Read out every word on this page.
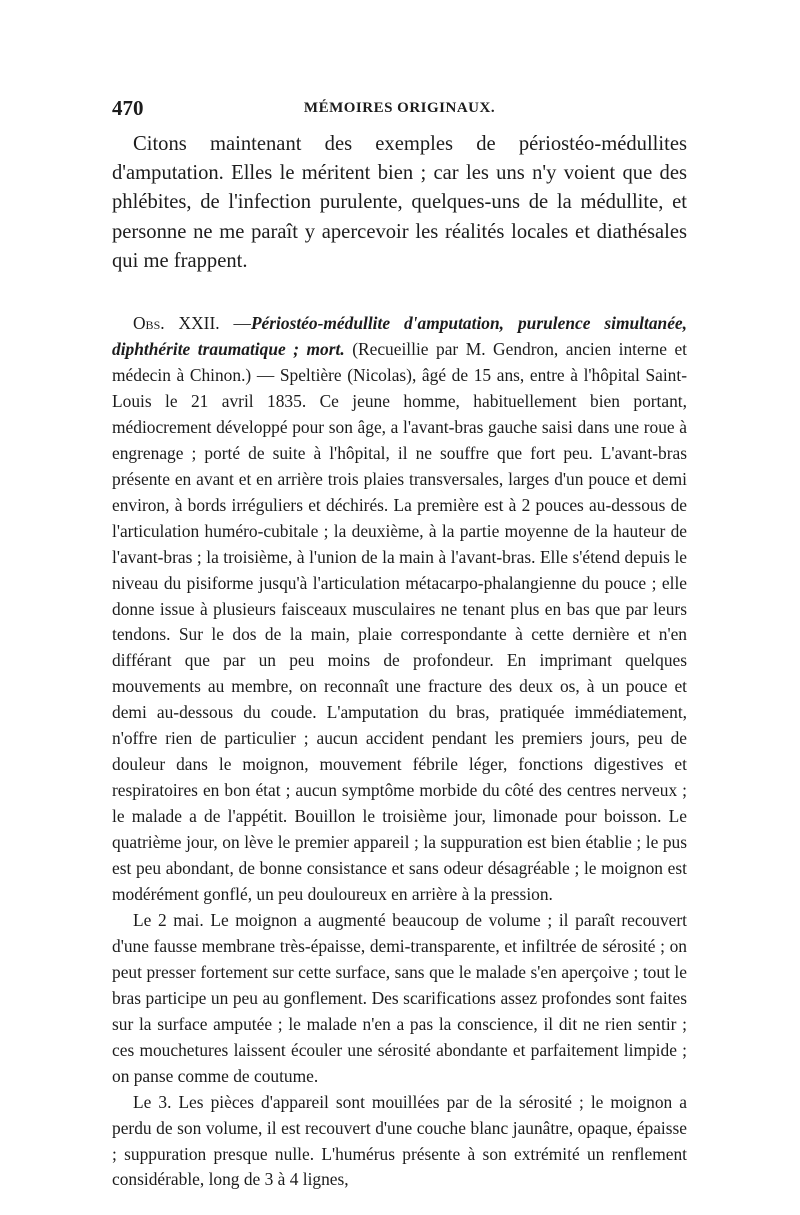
470	MÉMOIRES ORIGINAUX.

Citons maintenant des exemples de périostéo-médullites d'amputation. Elles le méritent bien ; car les uns n'y voient que des phlébites, de l'infection purulente, quelques-uns de la médullite, et personne ne me paraît y apercevoir les réalités locales et diathésales qui me frappent.

Obs. XXII. —Périostéo-médullite d'amputation, purulence simultanée, diphthérite traumatique ; mort. (Recueillie par M. Gendron, ancien interne et médecin à Chinon.) — Speltière (Nicolas), âgé de 15 ans, entre à l'hôpital Saint-Louis le 21 avril 1835. Ce jeune homme, habituellement bien portant, médiocrement développé pour son âge, a l'avant-bras gauche saisi dans une roue à engrenage ; porté de suite à l'hôpital, il ne souffre que fort peu. L'avant-bras présente en avant et en arrière trois plaies transversales, larges d'un pouce et demi environ, à bords irréguliers et déchirés. La première est à 2 pouces au-dessous de l'articulation huméro-cubitale ; la deuxième, à la partie moyenne de la hauteur de l'avant-bras ; la troisième, à l'union de la main à l'avant-bras. Elle s'étend depuis le niveau du pisiforme jusqu'à l'articulation métacarpo-phalangienne du pouce ; elle donne issue à plusieurs faisceaux musculaires ne tenant plus en bas que par leurs tendons. Sur le dos de la main, plaie correspondante à cette dernière et n'en différant que par un peu moins de profondeur. En imprimant quelques mouvements au membre, on reconnaît une fracture des deux os, à un pouce et demi au-dessous du coude. L'amputation du bras, pratiquée immédiatement, n'offre rien de particulier ; aucun accident pendant les premiers jours, peu de douleur dans le moignon, mouvement fébrile léger, fonctions digestives et respiratoires en bon état ; aucun symptôme morbide du côté des centres nerveux ; le malade a de l'appétit. Bouillon le troisième jour, limonade pour boisson. Le quatrième jour, on lève le premier appareil ; la suppuration est bien établie ; le pus est peu abondant, de bonne consistance et sans odeur désagréable ; le moignon est modérément gonflé, un peu douloureux en arrière à la pression.

Le 2 mai. Le moignon a augmenté beaucoup de volume ; il paraît recouvert d'une fausse membrane très-épaisse, demi-transparente, et infiltrée de sérosité ; on peut presser fortement sur cette surface, sans que le malade s'en aperçoive ; tout le bras participe un peu au gonflement. Des scarifications assez profondes sont faites sur la surface amputée ; le malade n'en a pas la conscience, il dit ne rien sentir ; ces mouchetures laissent écouler une sérosité abondante et parfaitement limpide ; on panse comme de coutume.

Le 3. Les pièces d'appareil sont mouillées par de la sérosité ; le moignon a perdu de son volume, il est recouvert d'une couche blanc jaunâtre, opaque, épaisse ; suppuration presque nulle. L'humérus présente à son extrémité un renflement considérable, long de 3 à 4 lignes,
